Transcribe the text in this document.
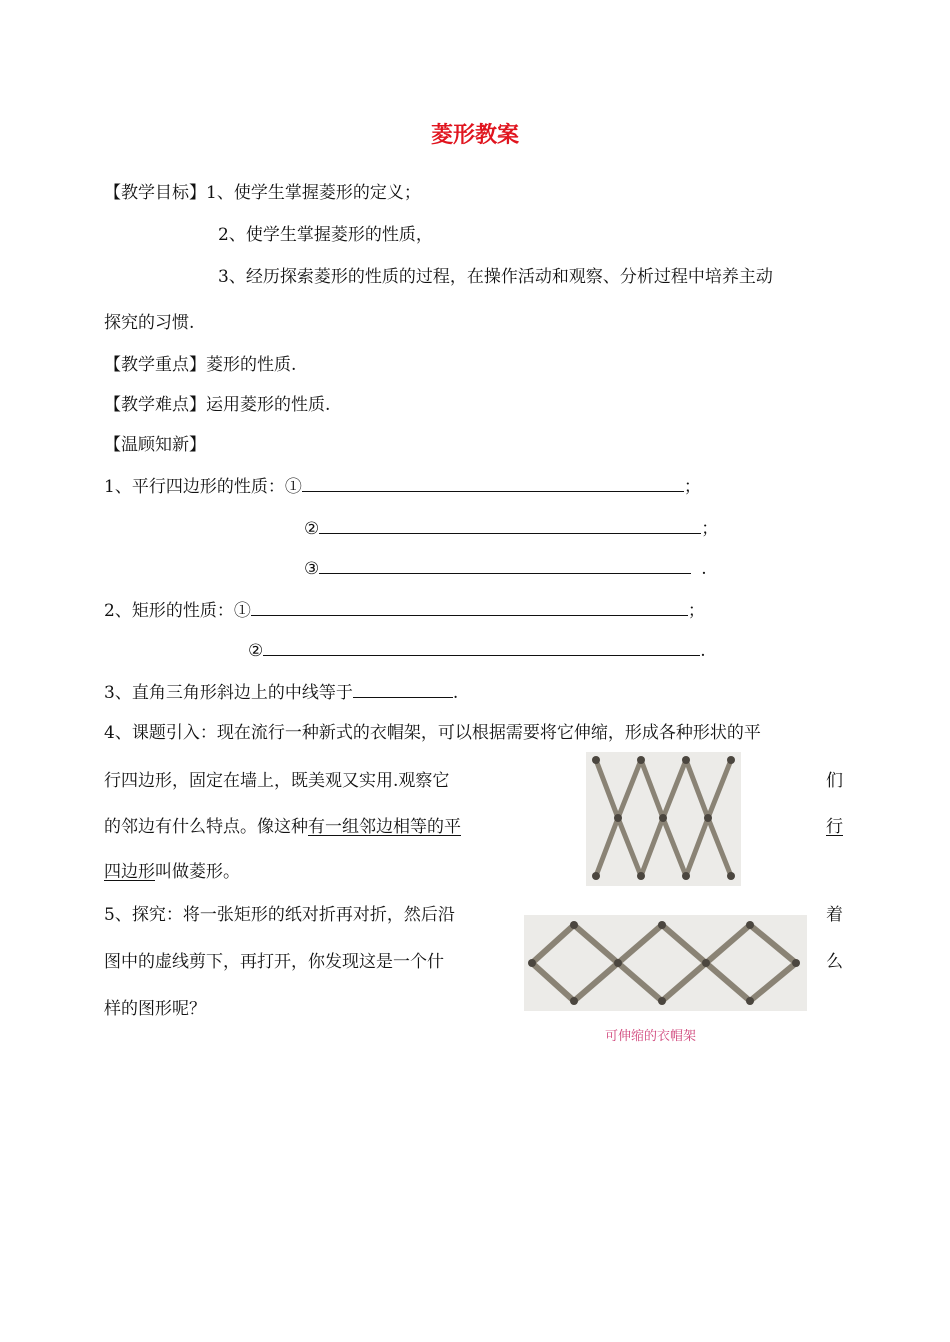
菱形教案
【教学目标】1、使学生掌握菱形的定义；
2、使学生掌握菱形的性质，
3、经历探索菱形的性质的过程，在操作活动和观察、分析过程中培养主动
探究的习惯.
【教学重点】菱形的性质.
【教学难点】运用菱形的性质.
【温顾知新】
1、平行四边形的性质：①	；
②	；
③	.
2、矩形的性质：①	；
②	.
3、直角三角形斜边上的中线等于	.
4、课题引入：现在流行一种新式的衣帽架，可以根据需要将它伸缩，形成各种形状的平
行四边形，固定在墙上，既美观又实用.观察它	们
的邻边有什么特点。像这种有一组邻边相等的平	行
四边形叫做菱形。
5、探究：将一张矩形的纸对折再对折，然后沿	着
图中的虚线剪下，再打开，你发现这是一个什	么
样的图形呢？
可伸缩的衣帽架
